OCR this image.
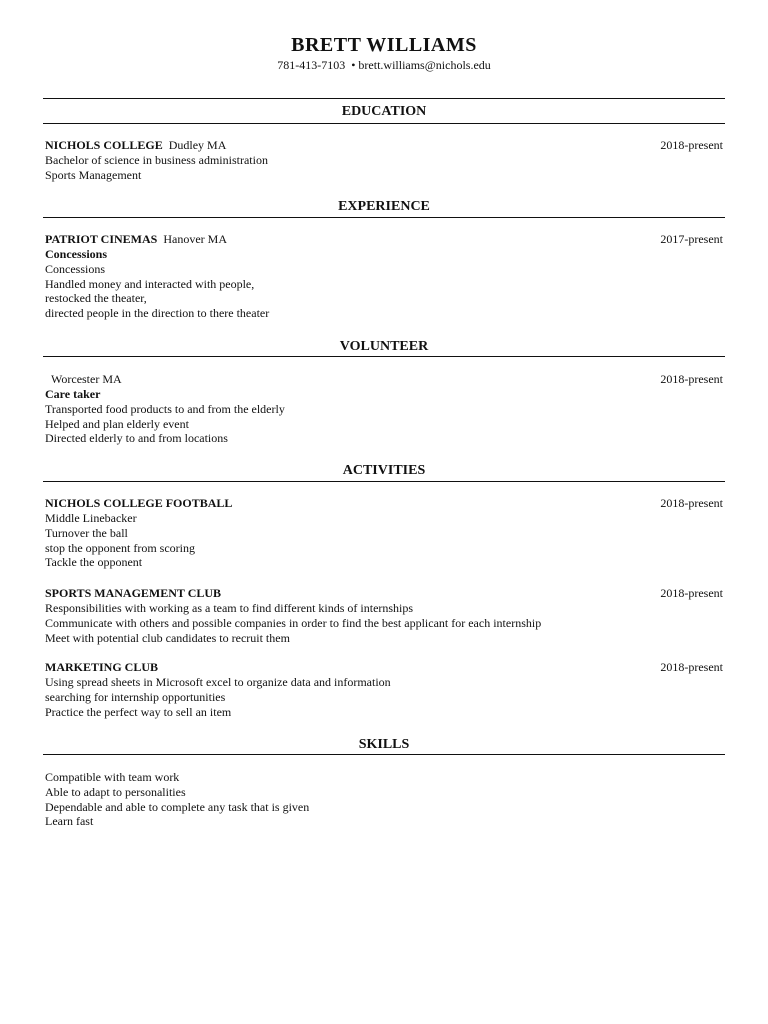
BRETT WILLIAMS
781-413-7103 • brett.williams@nichols.edu
EDUCATION
NICHOLS COLLEGE Dudley MA	2018-present
Bachelor of science in business administration
Sports Management
EXPERIENCE
PATRIOT CINEMAS Hanover MA	2017-present
Concessions
Concessions
Handled money and interacted with people,
restocked the theater,
directed people in the direction to there theater
VOLUNTEER
Worcester MA	2018-present
Care taker
Transported food products to and from the elderly
Helped and plan elderly event
Directed elderly to and from locations
ACTIVITIES
NICHOLS COLLEGE FOOTBALL	2018-present
Middle Linebacker
Turnover the ball
stop the opponent from scoring
Tackle the opponent
SPORTS MANAGEMENT CLUB	2018-present
Responsibilities with working as a team to find different kinds of internships
Communicate with others and possible companies in order to find the best applicant for each internship
Meet with potential club candidates to recruit them
MARKETING CLUB	2018-present
Using spread sheets in Microsoft excel to organize data and information
searching for internship opportunities
Practice the perfect way to sell an item
SKILLS
Compatible with team work
Able to adapt to personalities
Dependable and able to complete any task that is given
Learn fast
